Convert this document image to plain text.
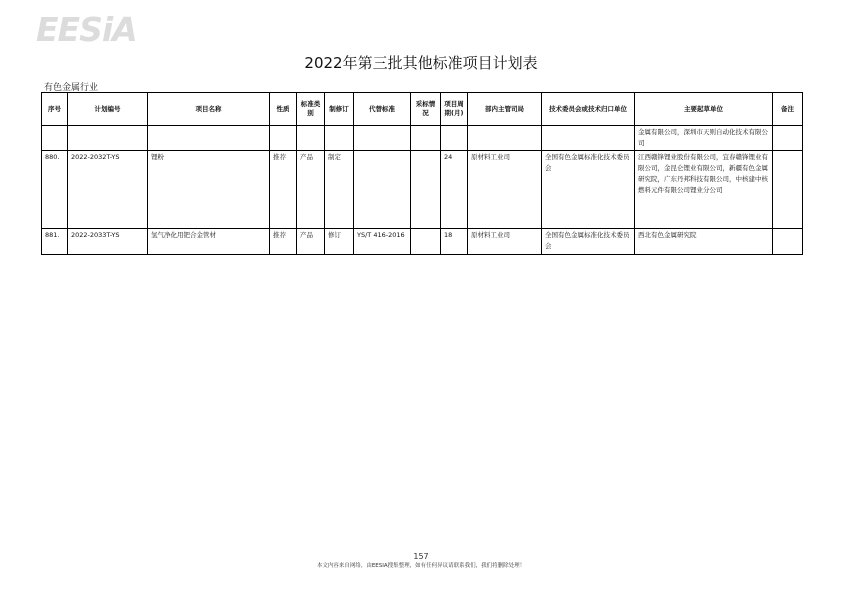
EESiA
2022年第三批其他标准项目计划表
有色金属行业
序号	计划编号	项目名称	性质	标准类别	制修订	代替标准	采标情况	项目周期(月)	部内主管司局	技术委员会或技术归口单位	主要起草单位	备注
											金属有限公司，深圳市天则自动化技术有限公司	
880.	2022-2032T-YS	锂粉	推荐	产品	制定			24	原材料工业司	全国有色金属标准化技术委员会	江西赣锋锂业股份有限公司，宜春赣锋锂业有限公司，金昆仑锂业有限公司，新疆有色金属研究院，广东丹邦科技有限公司，中核建中核燃料元件有限公司锂业分公司	
881.	2022-2033T-YS	氢气净化用钯合金管材	推荐	产品	修订	YS/T 416-2016		18	原材料工业司	全国有色金属标准化技术委员会	西北有色金属研究院	
157
本文内容来自网络，由EESIA搜集整理，如有任何异议请联系我们，我们将删除处理！
